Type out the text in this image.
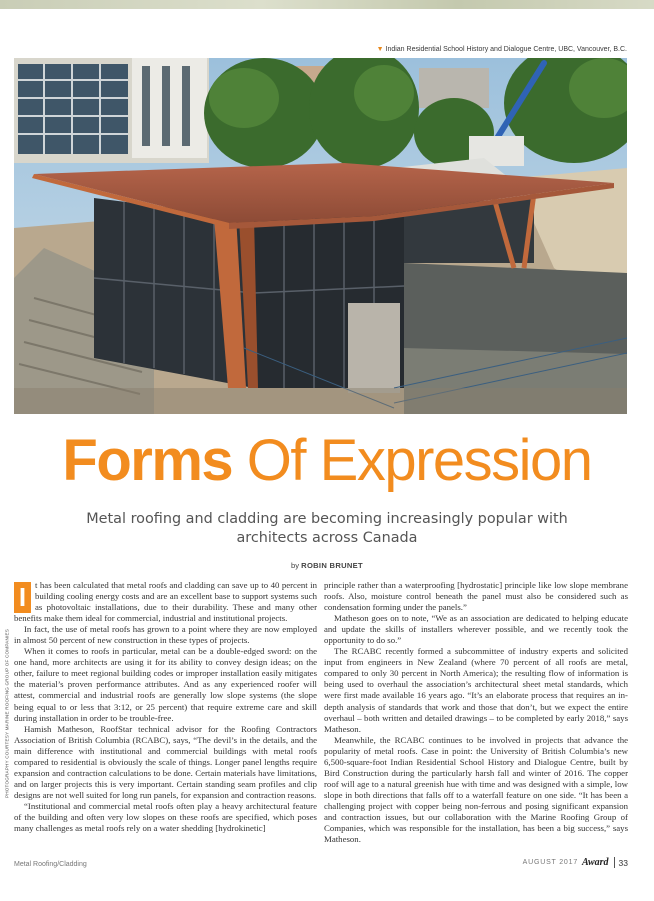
▼ Indian Residential School History and Dialogue Centre, UBC, Vancouver, B.C.
PHOTOGRAPHY COURTESY MARINE ROOFING GROUP OF COMPANIES
Forms Of Expression
Metal roofing and cladding are becoming increasingly popular with architects across Canada
by ROBIN BRUNET

I	t has been calculated that metal roofs and cladding can save up to 40 percent in building cooling energy costs and are an excellent base to support systems such as photovoltaic installations, due to their durability. These and many other benefits make them ideal for commercial, industrial and institutional projects.

In fact, the use of metal roofs has grown to a point where they are now employed in almost 50 percent of new construction in these types of projects.

When it comes to roofs in particular, metal can be a double-edged sword: on the one hand, more architects are using it for its ability to convey design ideas; on the other, failure to meet regional building codes or improper installation easily mitigates the material’s proven performance attributes. And as any experienced roofer will attest, commercial and industrial roofs are generally low slope systems (the slope being equal to or less that 3:12, or 25 percent) that require extreme care and skill during installation in order to be trouble-free.

Hamish Matheson, RoofStar technical advisor for the Roofing Contractors Association of British Columbia (RCABC), says, “The devil’s in the details, and the main difference with institutional and commercial buildings with metal roofs compared to residential is obviously the scale of things. Longer panel lengths require expansion and contraction calculations to be done. Certain materials have limitations, and on larger projects this is very important. Certain standing seam profiles and clip designs are not well suited for long run panels, for expansion and contraction reasons.

“Institutional and commercial metal roofs often play a heavy architectural feature of the building and often very low slopes on these roofs are specified, which poses many challenges as metal roofs rely on a water shedding [hydrokinetic]

principle rather than a waterproofing [hydrostatic] principle like low slope membrane roofs. Also, moisture control beneath the panel must also be considered such as condensation forming under the panels.”

Matheson goes on to note, “We as an association are dedicated to helping educate and update the skills of installers wherever possible, and we recently took the opportunity to do so.”

The RCABC recently formed a subcommittee of industry experts and solicited input from engineers in New Zealand (where 70 percent of all roofs are metal, compared to only 30 percent in North America); the resulting flow of information is being used to overhaul the association’s architectural sheet metal standards, which were first made available 16 years ago. “It’s an elaborate process that requires an in-depth analysis of standards that work and those that don’t, but we expect the entire overhaul – both written and detailed drawings – to be completed by early 2018,” says Matheson.

Meanwhile, the RCABC continues to be involved in projects that advance the popularity of metal roofs. Case in point: the University of British Columbia’s new 6,500-square-foot Indian Residential School History and Dialogue Centre, built by Bird Construction during the particularly harsh fall and winter of 2016. The copper roof will age to a natural greenish hue with time and was designed with a simple, low slope in both directions that falls off to a waterfall feature on one side. “It has been a challenging project with copper being non-ferrous and posing significant expansion and contraction issues, but our collaboration with the Marine Roofing Group of Companies, which was responsible for the installation, has been a big success,” says Matheson.

Metal Roofing/Cladding	AUGUST 2017 Award 33
